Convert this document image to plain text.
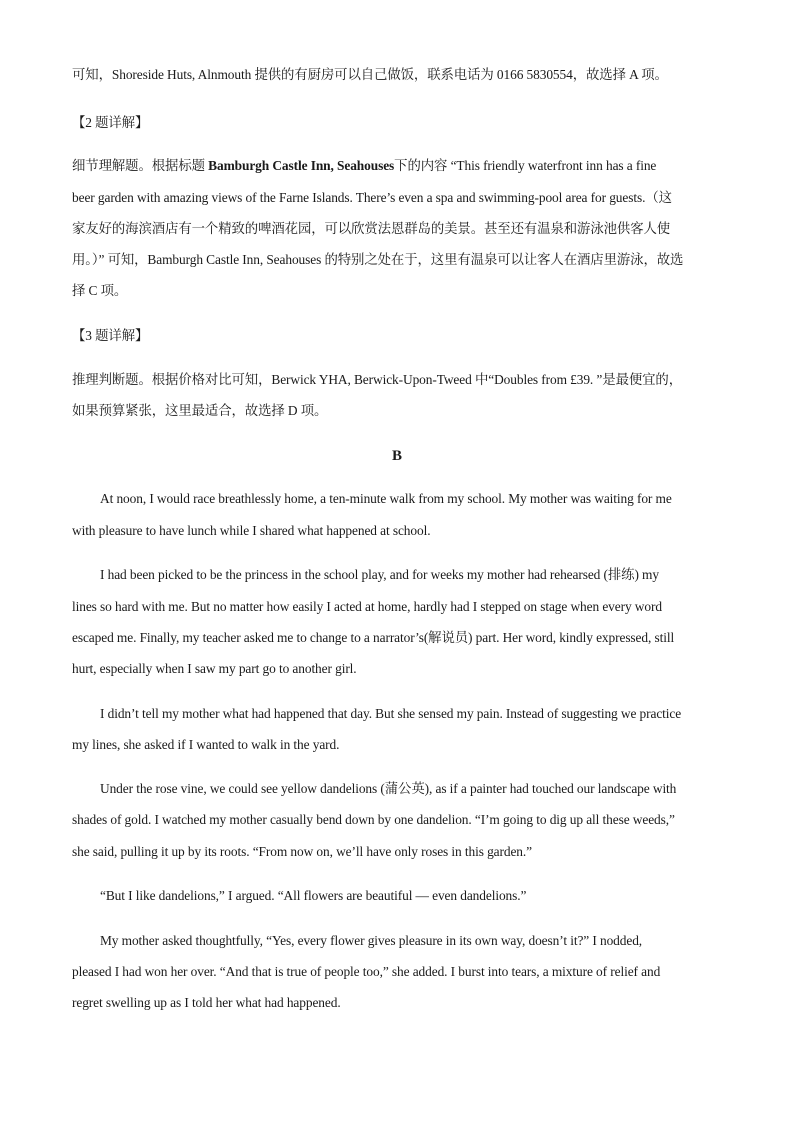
可知，Shoreside Huts, Alnmouth 提供的有厨房可以自己做饭，联系电话为 0166 5830554，故选择 A 项。
【2 题详解】
细节理解题。根据标题 Bamburgh Castle Inn, Seahouses下的内容 “This friendly waterfront inn has a fine
beer garden with amazing views of the Farne Islands. There’s even a spa and swimming-pool area for guests.（这
家友好的海滨酒店有一个精致的啤酒花园，可以欣赏法恩群岛的美景。甚至还有温泉和游泳池供客人使
用。）” 可知，Bamburgh Castle Inn, Seahouses 的特别之处在于，这里有温泉可以让客人在酒店里游泳，故选
择 C 项。
【3 题详解】
推理判断题。根据价格对比可知，Berwick YHA, Berwick-Upon-Tweed 中“Doubles from £39. ”是最便宜的，
如果预算紧张，这里最适合，故选择 D 项。
B
At noon, I would race breathlessly home, a ten-minute walk from my school. My mother was waiting for me
with pleasure to have lunch while I shared what happened at school.
I had been picked to be the princess in the school play, and for weeks my mother had rehearsed (排练) my
lines so hard with me. But no matter how easily I acted at home, hardly had I stepped on stage when every word
escaped me. Finally, my teacher asked me to change to a narrator’s(解说员) part. Her word, kindly expressed, still
hurt, especially when I saw my part go to another girl.
I didn’t tell my mother what had happened that day. But she sensed my pain. Instead of suggesting we practice
my lines, she asked if I wanted to walk in the yard.
Under the rose vine, we could see yellow dandelions (蒲公英), as if a painter had touched our landscape with
shades of gold. I watched my mother casually bend down by one dandelion. “I’m going to dig up all these weeds,”
she said, pulling it up by its roots. “From now on, we’ll have only roses in this garden.”
“But I like dandelions,” I argued. “All flowers are beautiful — even dandelions.”
My mother asked thoughtfully, “Yes, every flower gives pleasure in its own way, doesn’t it?” I nodded,
pleased I had won her over. “And that is true of people too,” she added. I burst into tears, a mixture of relief and
regret swelling up as I told her what had happened.
